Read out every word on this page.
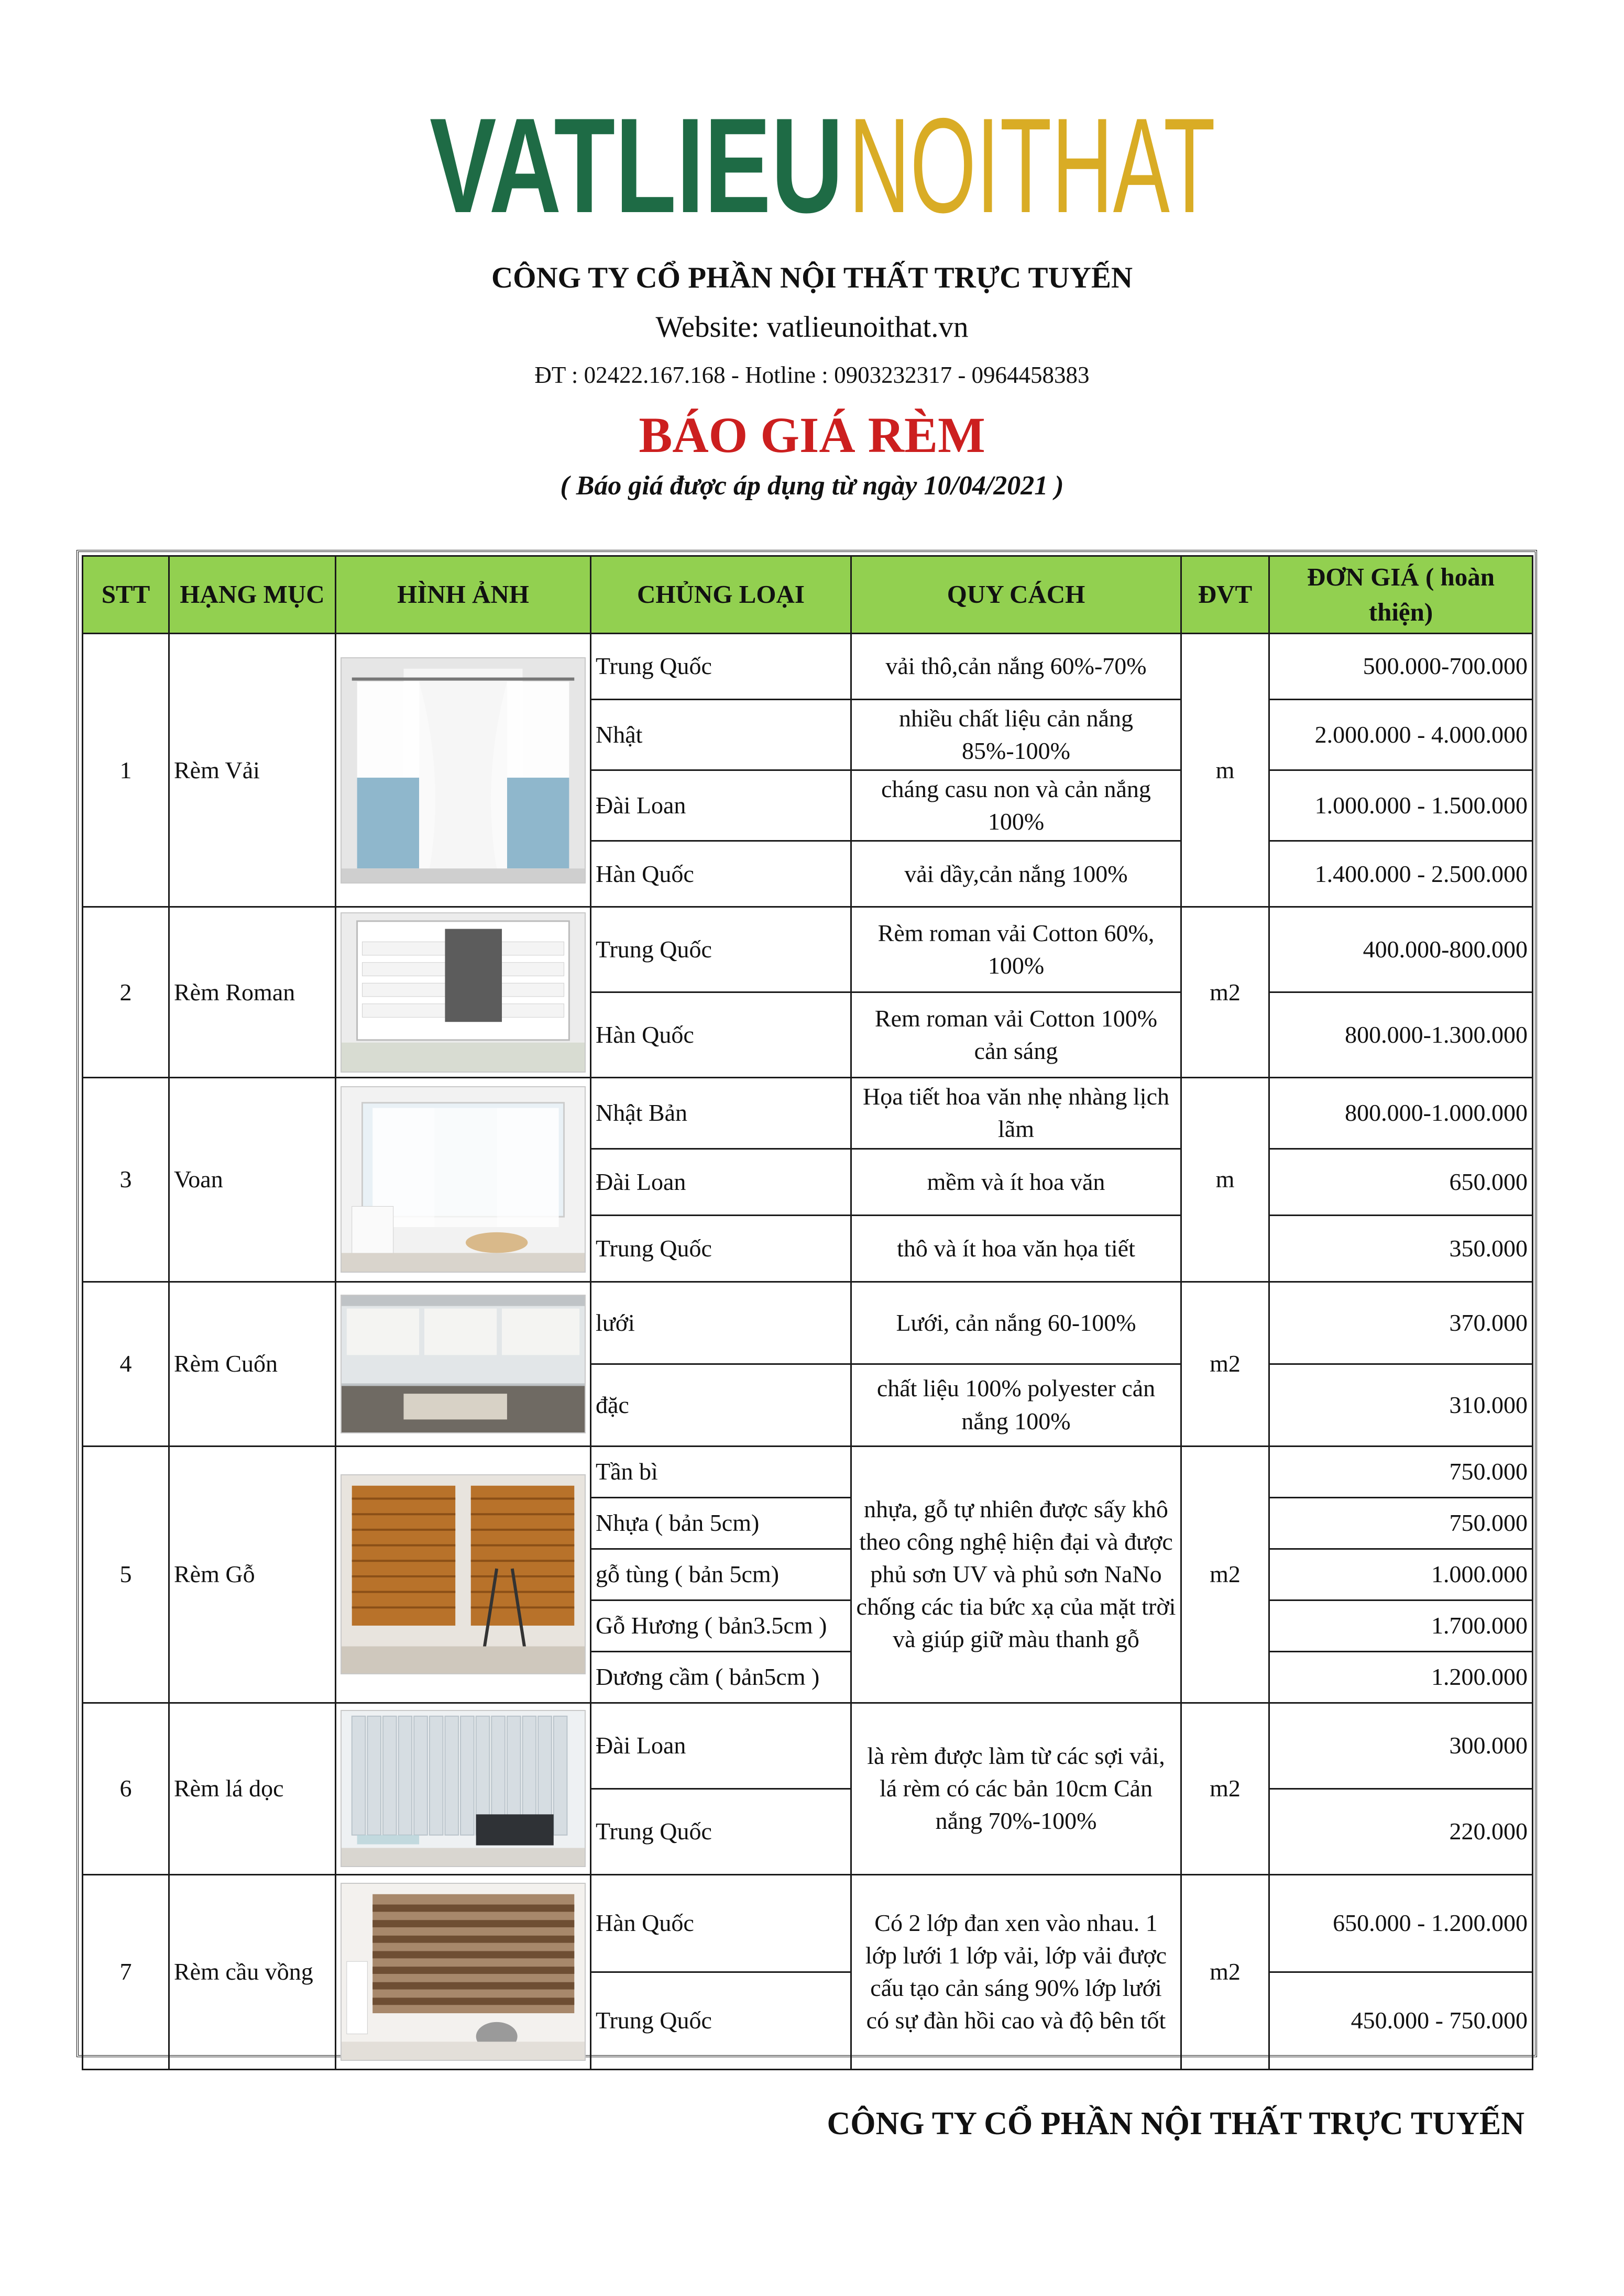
VATLIEU NOITHAT
CÔNG TY CỔ PHẦN NỘI THẤT TRỰC TUYẾN
Website: vatlieunoithat.vn
ĐT : 02422.167.168 - Hotline : 0903232317 - 0964458383
BÁO GIÁ RÈM
( Báo giá được áp dụng từ ngày 10/04/2021 )
STT	HẠNG MỤC	HÌNH ẢNH	CHỦNG LOẠI	QUY CÁCH	ĐVT	ĐƠN GIÁ ( hoàn thiện)
1	Rèm Vải		Trung Quốc	vải thô,cản nắng 60%-70%	m	500.000-700.000
			Nhật	nhiều chất liệu cản nắng 85%-100%		2.000.000 - 4.000.000
			Đài Loan	cháng casu non và cản nắng 100%		1.000.000 - 1.500.000
			Hàn Quốc	vải dầy,cản nắng 100%		1.400.000 - 2.500.000
2	Rèm Roman		Trung Quốc	Rèm roman vải Cotton 60%, 100%	m2	400.000-800.000
			Hàn Quốc	Rem roman vải Cotton 100% cản sáng		800.000-1.300.000
3	Voan		Nhật Bản	Họa tiết hoa văn nhẹ nhàng lịch lãm	m	800.000-1.000.000
			Đài Loan	mềm và ít hoa văn		650.000
			Trung Quốc	thô và ít hoa văn họa tiết		350.000
4	Rèm Cuốn		lưới	Lưới, cản nắng 60-100%	m2	370.000
			đặc	chất liệu 100% polyester cản nắng 100%		310.000
5	Rèm Gỗ		Tần bì	nhựa, gỗ tự nhiên được sấy khô theo công nghệ hiện đại và được phủ sơn UV và phủ sơn NaNo chống các tia bức xạ của mặt trời và giúp giữ màu thanh gỗ	m2	750.000
			Nhựa ( bản 5cm)			750.000
			gỗ tùng ( bản 5cm)			1.000.000
			Gỗ Hương ( bản3.5cm )			1.700.000
			Dương cầm ( bản5cm )			1.200.000
6	Rèm lá dọc		Đài Loan	là rèm được làm từ các sợi vải, lá rèm có các bản 10cm Cản nắng 70%-100%	m2	300.000
			Trung Quốc			220.000
7	Rèm cầu vồng		Hàn Quốc	Có 2 lớp đan xen vào nhau. 1 lớp lưới 1 lớp vải, lớp vải được cấu tạo cản sáng 90% lớp lưới có sự đàn hồi cao và độ bên tốt	m2	650.000 - 1.200.000
			Trung Quốc			450.000 - 750.000
CÔNG TY CỔ PHẦN NỘI THẤT TRỰC TUYẾN
